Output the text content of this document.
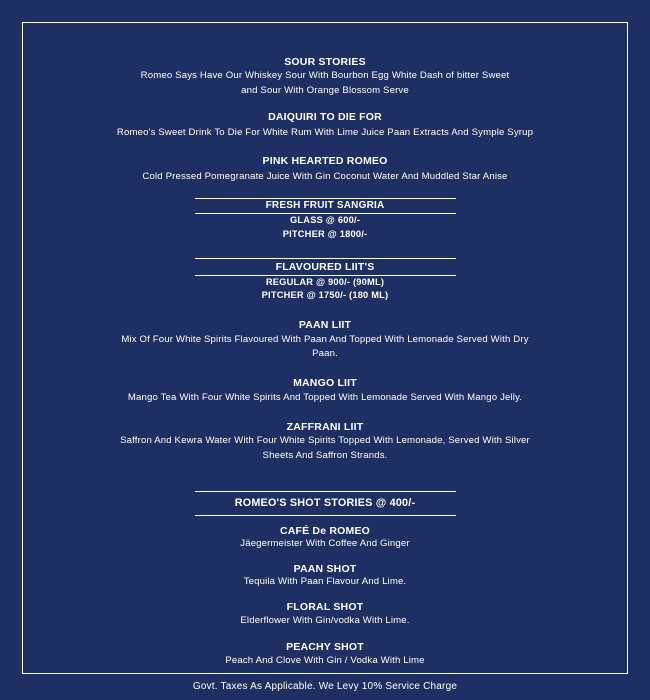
SOUR STORIES
Romeo Says Have Our Whiskey Sour With Bourbon Egg White Dash of bitter Sweet
and Sour With Orange Blossom Serve
DAIQUIRI TO DIE FOR
Romeo's Sweet Drink To Die For White Rum With Lime Juice Paan Extracts And Symple Syrup
PINK HEARTED ROMEO
Cold Pressed Pomegranate Juice With Gin Coconut Water And Muddled Star Anise
FRESH FRUIT SANGRIA
GLASS @ 600/-
PITCHER @ 1800/-
FLAVOURED LIIT'S
REGULAR @ 900/- (90ML)
PITCHER @ 1750/- (180 ML)
PAAN LIIT
Mix Of Four White Spirits Flavoured With Paan And Topped With Lemonade Served With Dry
Paan.
MANGO LIIT
Mango Tea With Four White Spirits And Topped With Lemonade Served With Mango Jelly.
ZAFFRANI LIIT
Saffron And Kewra Water With Four White Spirits Topped With Lemonade, Served With Silver
Sheets And Saffron Strands.
ROMEO'S SHOT STORIES @ 400/-
CAFÉ De ROMEO
Jäegermeister With Coffee And Ginger
PAAN SHOT
Tequila With Paan Flavour And Lime.
FLORAL SHOT
Elderflower With Gin/vodka With Lime.
PEACHY SHOT
Peach And Clove With Gin / Vodka With Lime
Govt. Taxes As Applicable. We Levy 10% Service Charge
